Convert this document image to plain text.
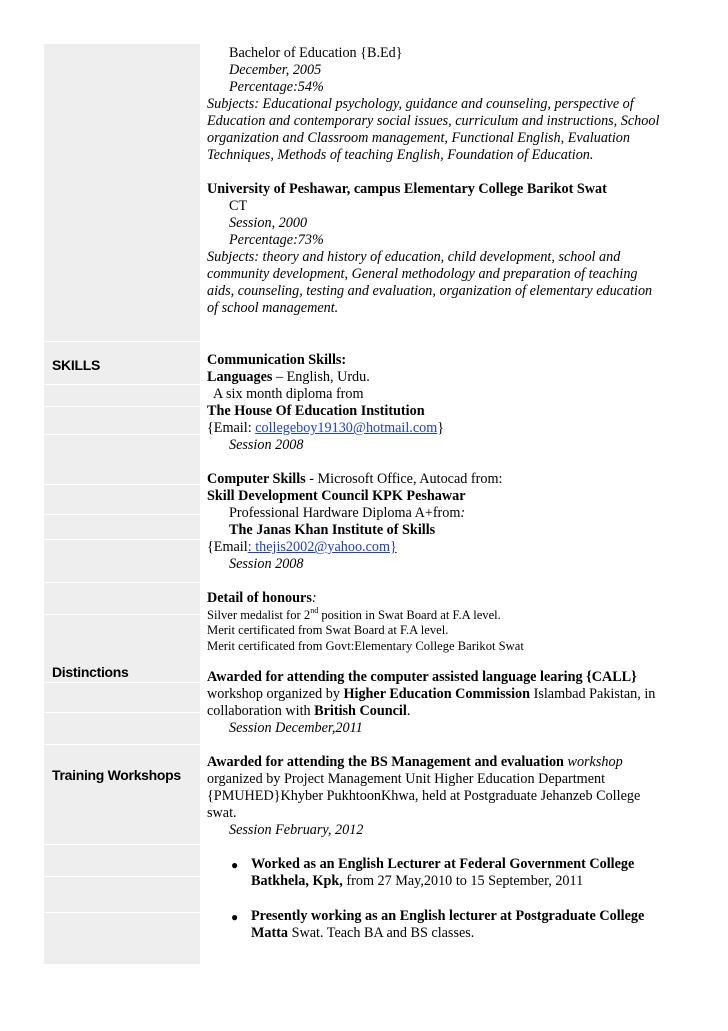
SKILLS
Distinctions
Training Workshops
Bachelor of Education {B.Ed}
December, 2005
Percentage:54%
Subjects: Educational psychology, guidance and counseling, perspective of
Education and contemporary social issues, curriculum and instructions, School
organization and Classroom management, Functional English, Evaluation
Techniques, Methods of teaching English, Foundation of Education.
University of Peshawar, campus Elementary College Barikot Swat
CT
Session, 2000
Percentage:73%
Subjects: theory and history of education, child development, school and
community development, General methodology and preparation of teaching
aids, counseling, testing and evaluation, organization of elementary education
of school management.
Communication Skills:
Languages – English, Urdu.
A six month diploma from
The House Of Education Institution
{Email: collegeboy19130@hotmail.com}
Session 2008
Computer Skills - Microsoft Office, Autocad from:
Skill Development Council KPK Peshawar
Professional Hardware Diploma A+from:
The Janas Khan Institute of Skills
{Email: thejis2002@yahoo.com}
Session 2008
Detail of honours:
Silver medalist for 2nd position in Swat Board at F.A level.
Merit certificated from Swat Board at F.A level.
Merit certificated from Govt:Elementary College Barikot Swat
Awarded for attending the computer assisted language learing {CALL}
workshop organized by Higher Education Commission Islambad Pakistan, in
collaboration with British Council.
Session December,2011
Awarded for attending the BS Management and evaluation workshop
organized by Project Management Unit Higher Education Department
{PMUHED}Khyber PukhtoonKhwa, held at Postgraduate Jehanzeb College
swat.
Session February, 2012
● Worked as an English Lecturer at Federal Government College
Batkhela, Kpk, from 27 May,2010 to 15 September, 2011
● Presently working as an English lecturer at Postgraduate College
Matta Swat. Teach BA and BS classes.
